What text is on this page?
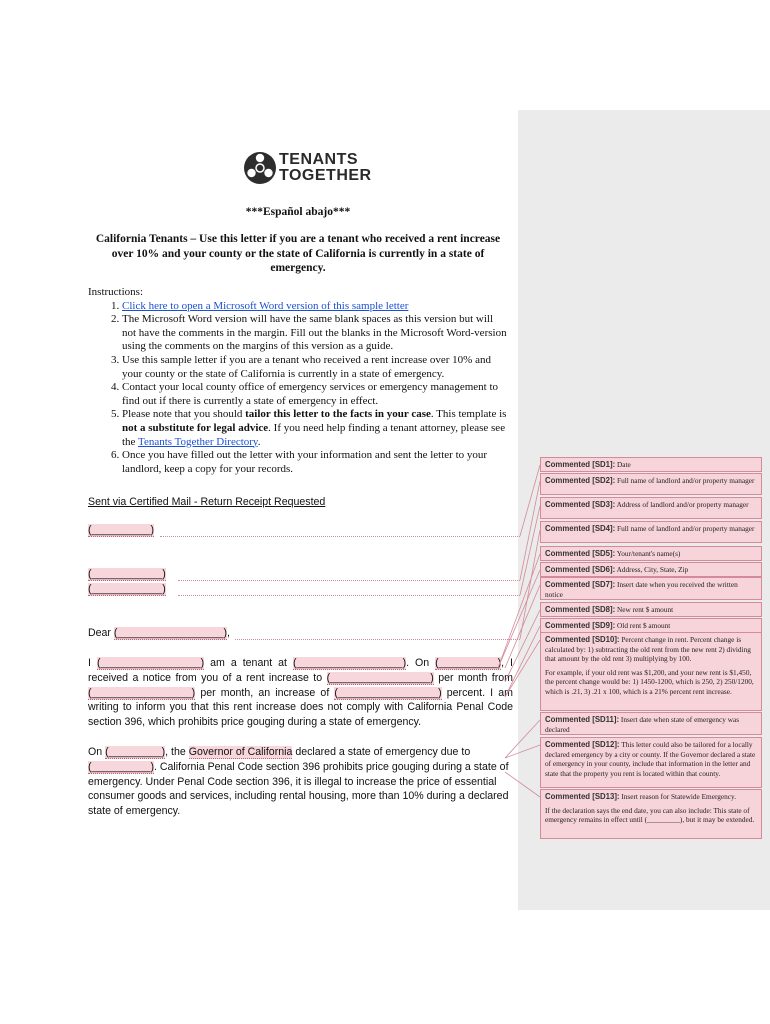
TENANTS
TOGETHER
***Español abajo***
California Tenants – Use this letter if you are a tenant who received a rent increase over 10% and your county or the state of California is currently in a state of emergency.
Instructions:
1. Click here to open a Microsoft Word version of this sample letter
2. The Microsoft Word version will have the same blank spaces as this version but will not have the comments in the margin. Fill out the blanks in the Microsoft Word-version using the comments on the margins of this version as a guide.
3. Use this sample letter if you are a tenant who received a rent increase over 10% and your county or the state of California is currently in a state of emergency.
4. Contact your local county office of emergency services or emergency management to find out if there is currently a state of emergency in effect.
5. Please note that you should tailor this letter to the facts in your case. This template is not a substitute for legal advice. If you need help finding a tenant attorney, please see the Tenants Together Directory.
6. Once you have filled out the letter with your information and sent the letter to your landlord, keep a copy for your records.
Sent via Certified Mail - Return Receipt Requested
(__________)
(____________)
(____________)
Dear (__________________),
I (_________________) am a tenant at (__________________). On (__________), I received a notice from you of a rent increase to (_________________) per month from (_________________) per month, an increase of (_________________) percent. I am writing to inform you that this rent increase does not comply with California Penal Code section 396, which prohibits price gouging during a state of emergency.
On (_________), the Governor of California declared a state of emergency due to (__________). California Penal Code section 396 prohibits price gouging during a state of emergency. Under Penal Code section 396, it is illegal to increase the price of essential consumer goods and services, including rental housing, more than 10% during a declared state of emergency.
Commented [SD1]: Date
Commented [SD2]: Full name of landlord and/or property manager
Commented [SD3]: Address of landlord and/or property manager
Commented [SD4]: Full name of landlord and/or property manager
Commented [SD5]: Your/tenant's name(s)
Commented [SD6]: Address, City, State, Zip
Commented [SD7]: Insert date when you received the written notice
Commented [SD8]: New rent $ amount
Commented [SD9]: Old rent $ amount
Commented [SD10]: Percent change in rent. Percent change is calculated by: 1) subtracting the old rent from the new rent 2) dividing that amount by the old rent 3) multiplying by 100.

For example, if your old rent was $1,200, and your new rent is $1,450, the percent change would be: 1) 1450-1200, which is 250, 2) 250/1200, which is .21, 3) .21 x 100, which is a 21% percent rent increase.

Commented [SD11]: Insert date when state of emergency was declared
Commented [SD12]: This letter could also be tailored for a locally declared emergency by a city or county. If the Governor declared a state of emergency in your county, include that information in the letter and state that the property you rent is located within that county.
Commented [SD13]: Insert reason for Statewide Emergency.

If the declaration says the end date, you can also include: This state of emergency remains in effect until (_________), but it may be extended.
